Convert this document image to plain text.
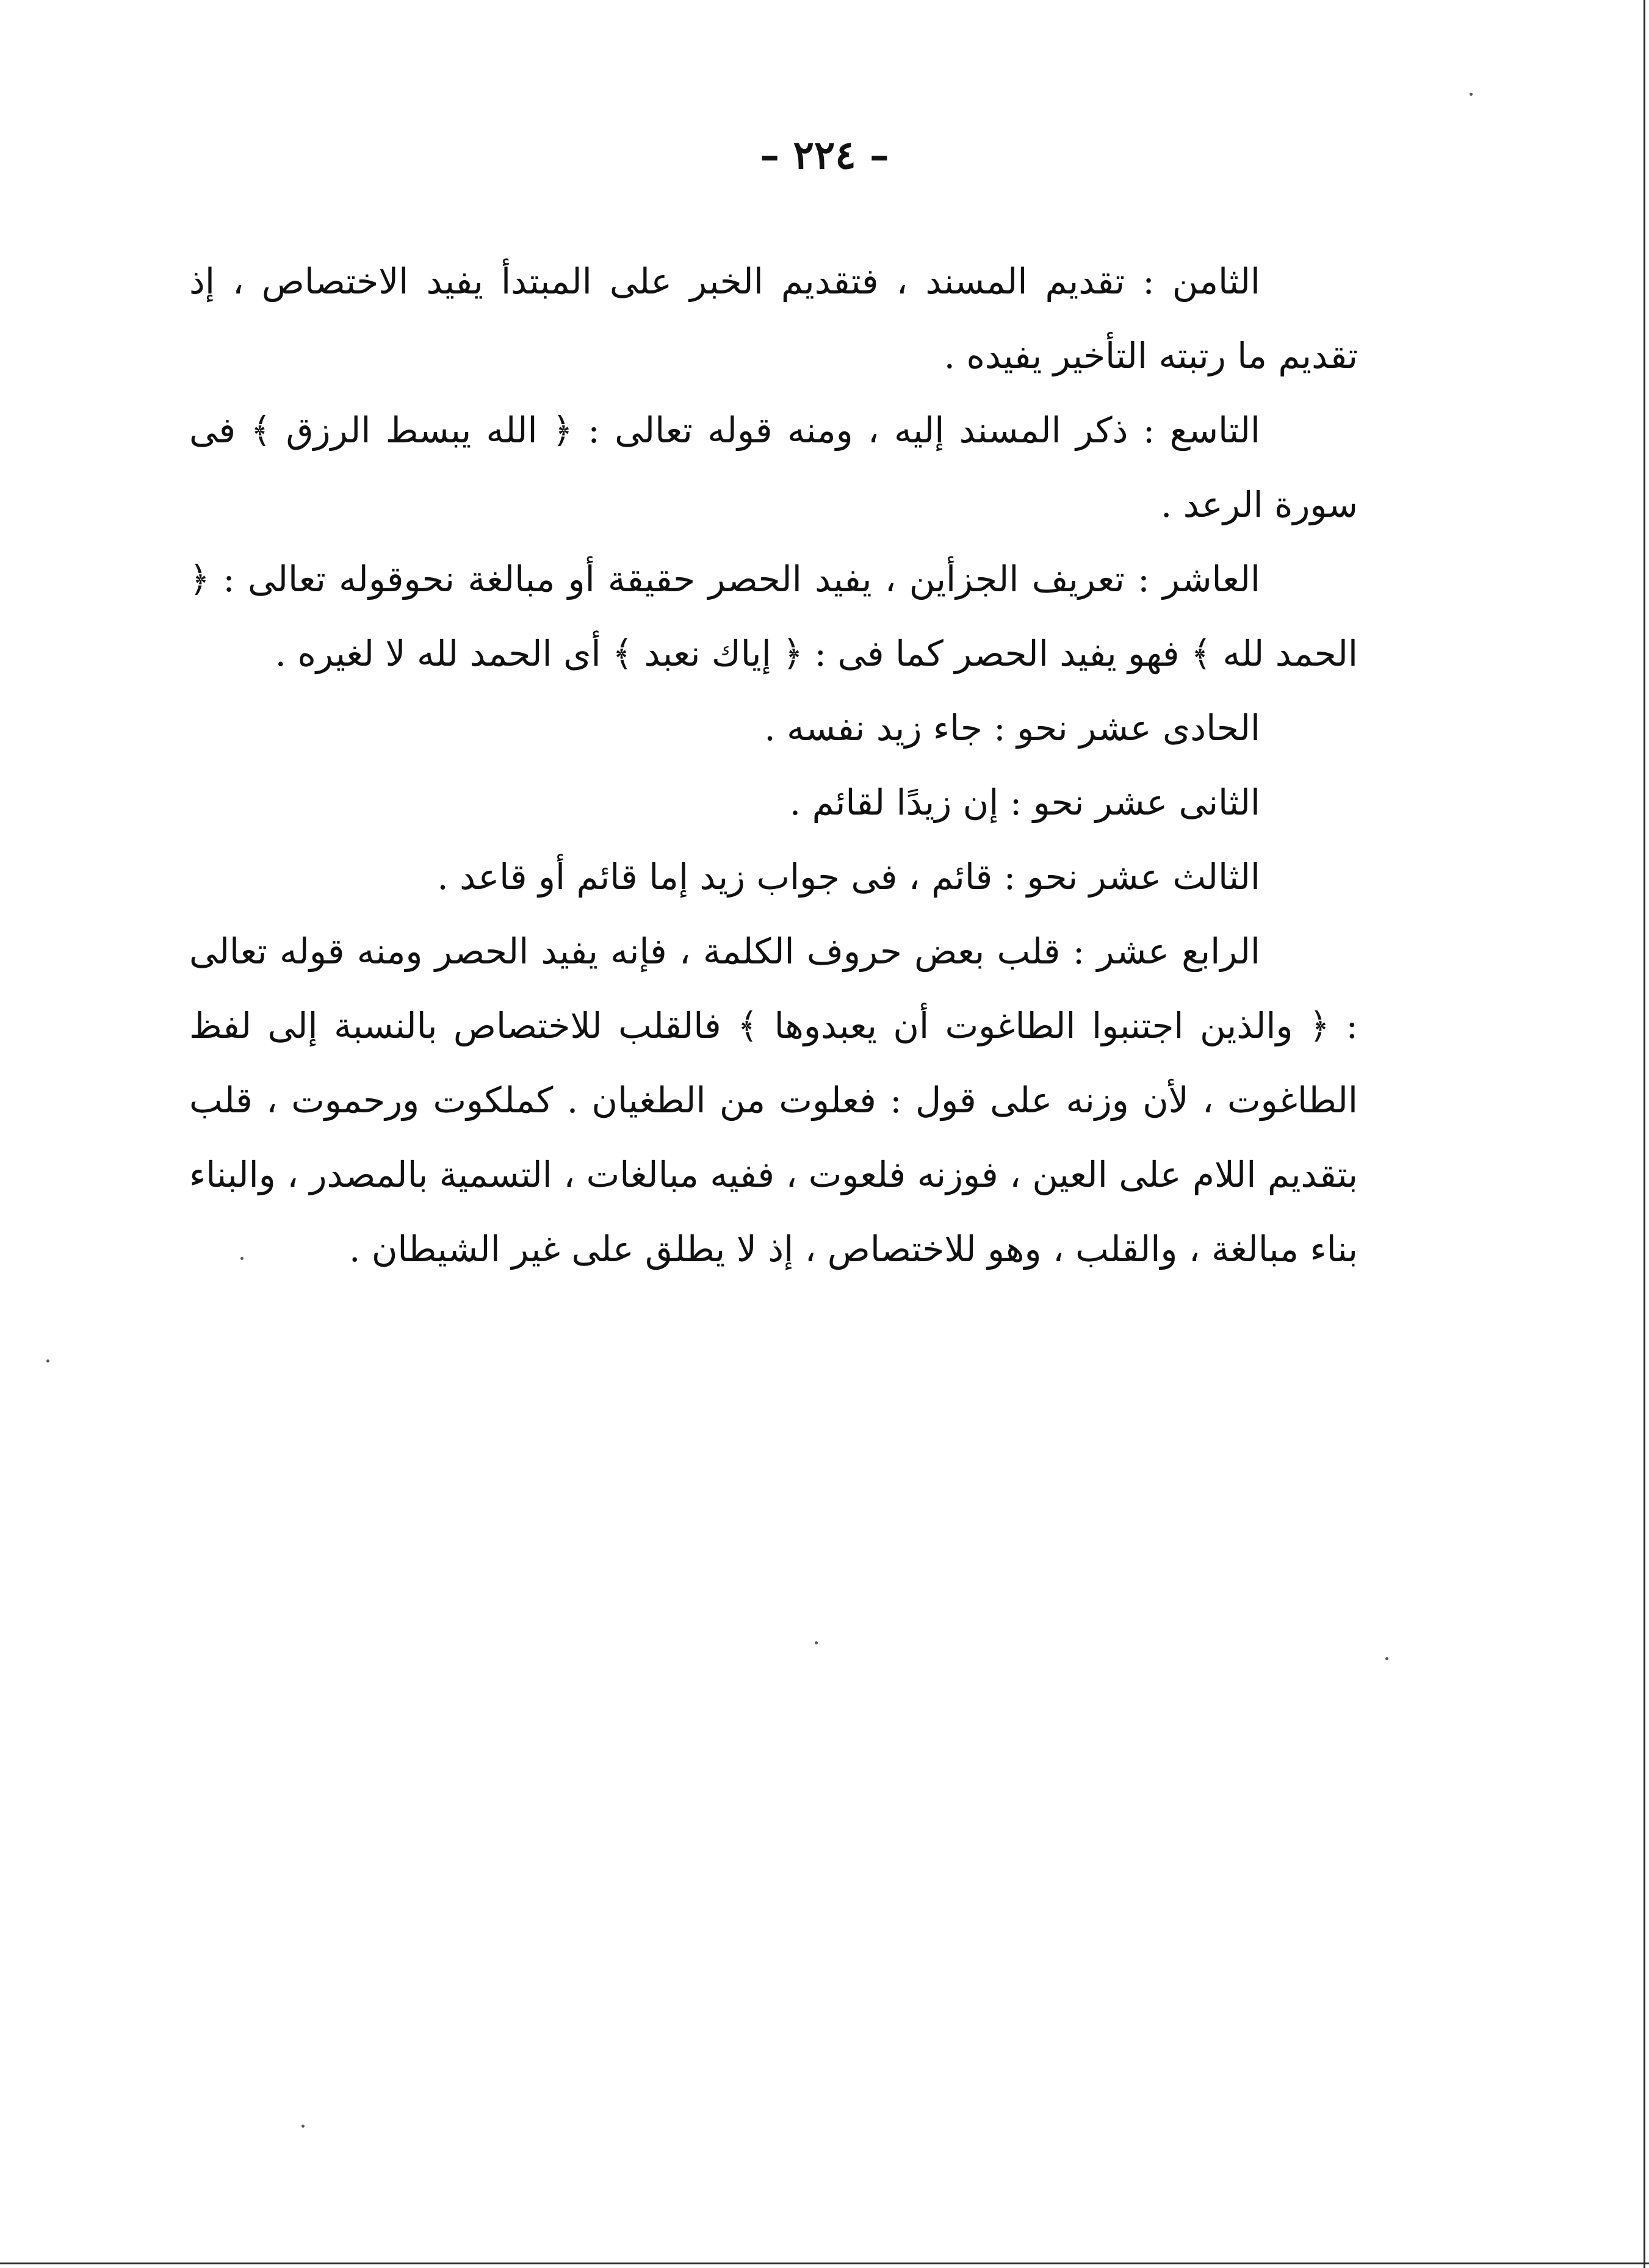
– ٢٢٤ –

الثامن : تقديم المسند ، فتقديم الخبر على المبتدأ يفيد الاختصاص ، إذ تقديم ما رتبته التأخير يفيده .

التاسع : ذكر المسند إليه ، ومنه قوله تعالى : ﴿ الله يبسط الرزق ﴾ فى سورة الرعد .

العاشر : تعريف الجزأين ، يفيد الحصر حقيقة أو مبالغة نحوقوله تعالى : ﴿ الحمد لله ﴾ فهو يفيد الحصر كما فى : ﴿ إياك نعبد ﴾ أى الحمد لله لا لغيره .

الحادى عشر نحو : جاء زيد نفسه .

الثانى عشر نحو : إن زيدًا لقائم .

الثالث عشر نحو : قائم ، فى جواب زيد إما قائم أو قاعد .

الرابع عشر : قلب بعض حروف الكلمة ، فإنه يفيد الحصر ومنه قوله تعالى : ﴿ والذين اجتنبوا الطاغوت أن يعبدوها ﴾ فالقلب للاختصاص بالنسبة إلى لفظ الطاغوت ، لأن وزنه على قول : فعلوت من الطغيان . كملكوت ورحموت ، قلب بتقديم اللام على العين ، فوزنه فلعوت ، ففيه مبالغات ، التسمية بالمصدر ، والبناء بناء مبالغة ، والقلب ، وهو للاختصاص ، إذ لا يطلق على غير الشيطان .
